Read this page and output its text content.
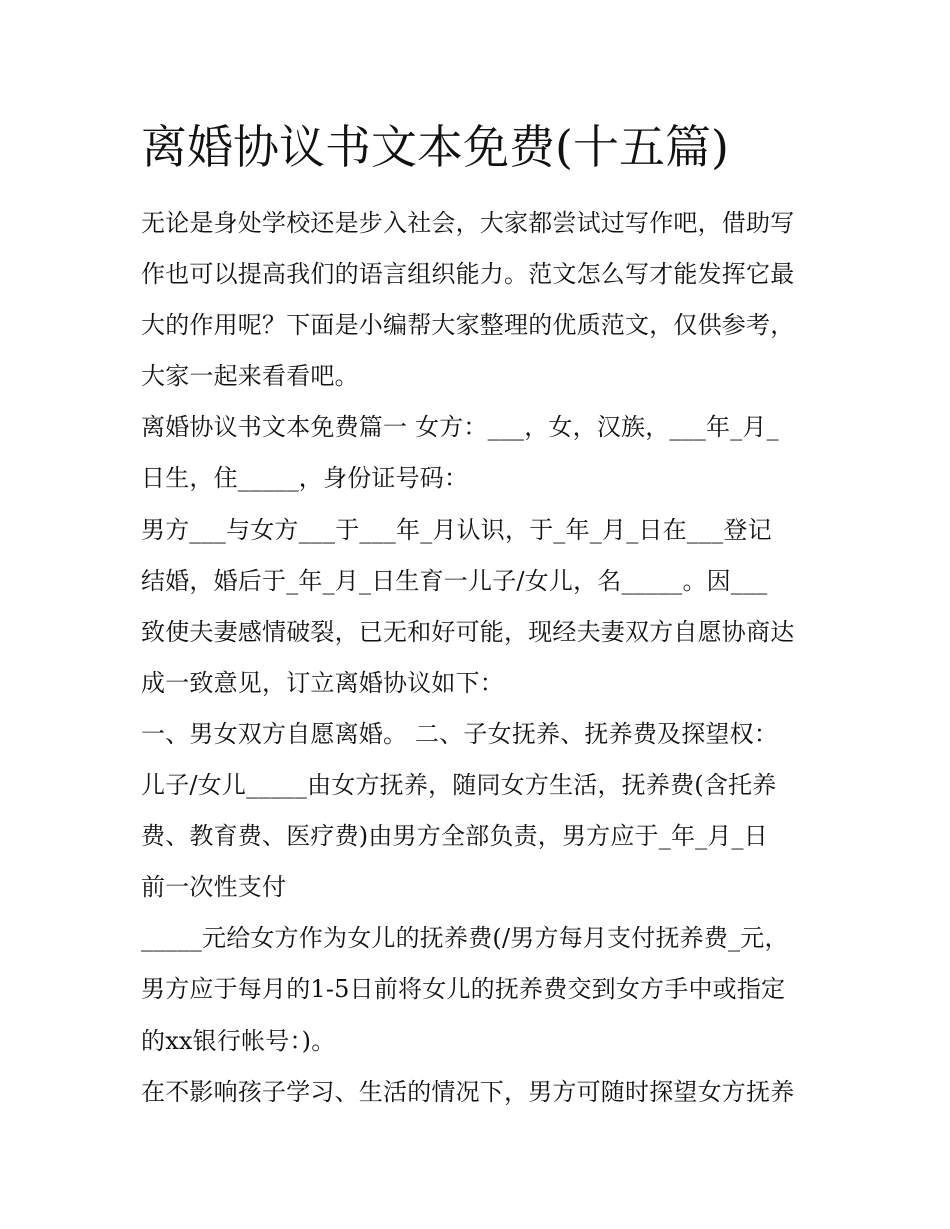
离婚协议书文本免费(十五篇)
无论是身处学校还是步入社会，大家都尝试过写作吧，借助写
作也可以提高我们的语言组织能力。范文怎么写才能发挥它最
大的作用呢？下面是小编帮大家整理的优质范文，仅供参考，
大家一起来看看吧。
离婚协议书文本免费篇一 女方：___，女，汉族，___年_月_
日生，住_____，身份证号码：
男方___与女方___于___年_月认识，于_年_月_日在___登记
结婚，婚后于_年_月_日生育一儿子/女儿，名_____。因___
致使夫妻感情破裂，已无和好可能，现经夫妻双方自愿协商达
成一致意见，订立离婚协议如下：
一、男女双方自愿离婚。 二、子女抚养、抚养费及探望权：
儿子/女儿_____由女方抚养，随同女方生活，抚养费(含托养
费、教育费、医疗费)由男方全部负责，男方应于_年_月_日
前一次性支付
_____元给女方作为女儿的抚养费(/男方每月支付抚养费_元，
男方应于每月的1-5日前将女儿的抚养费交到女方手中或指定
的xx银行帐号：)。
在不影响孩子学习、生活的情况下，男方可随时探望女方抚养
